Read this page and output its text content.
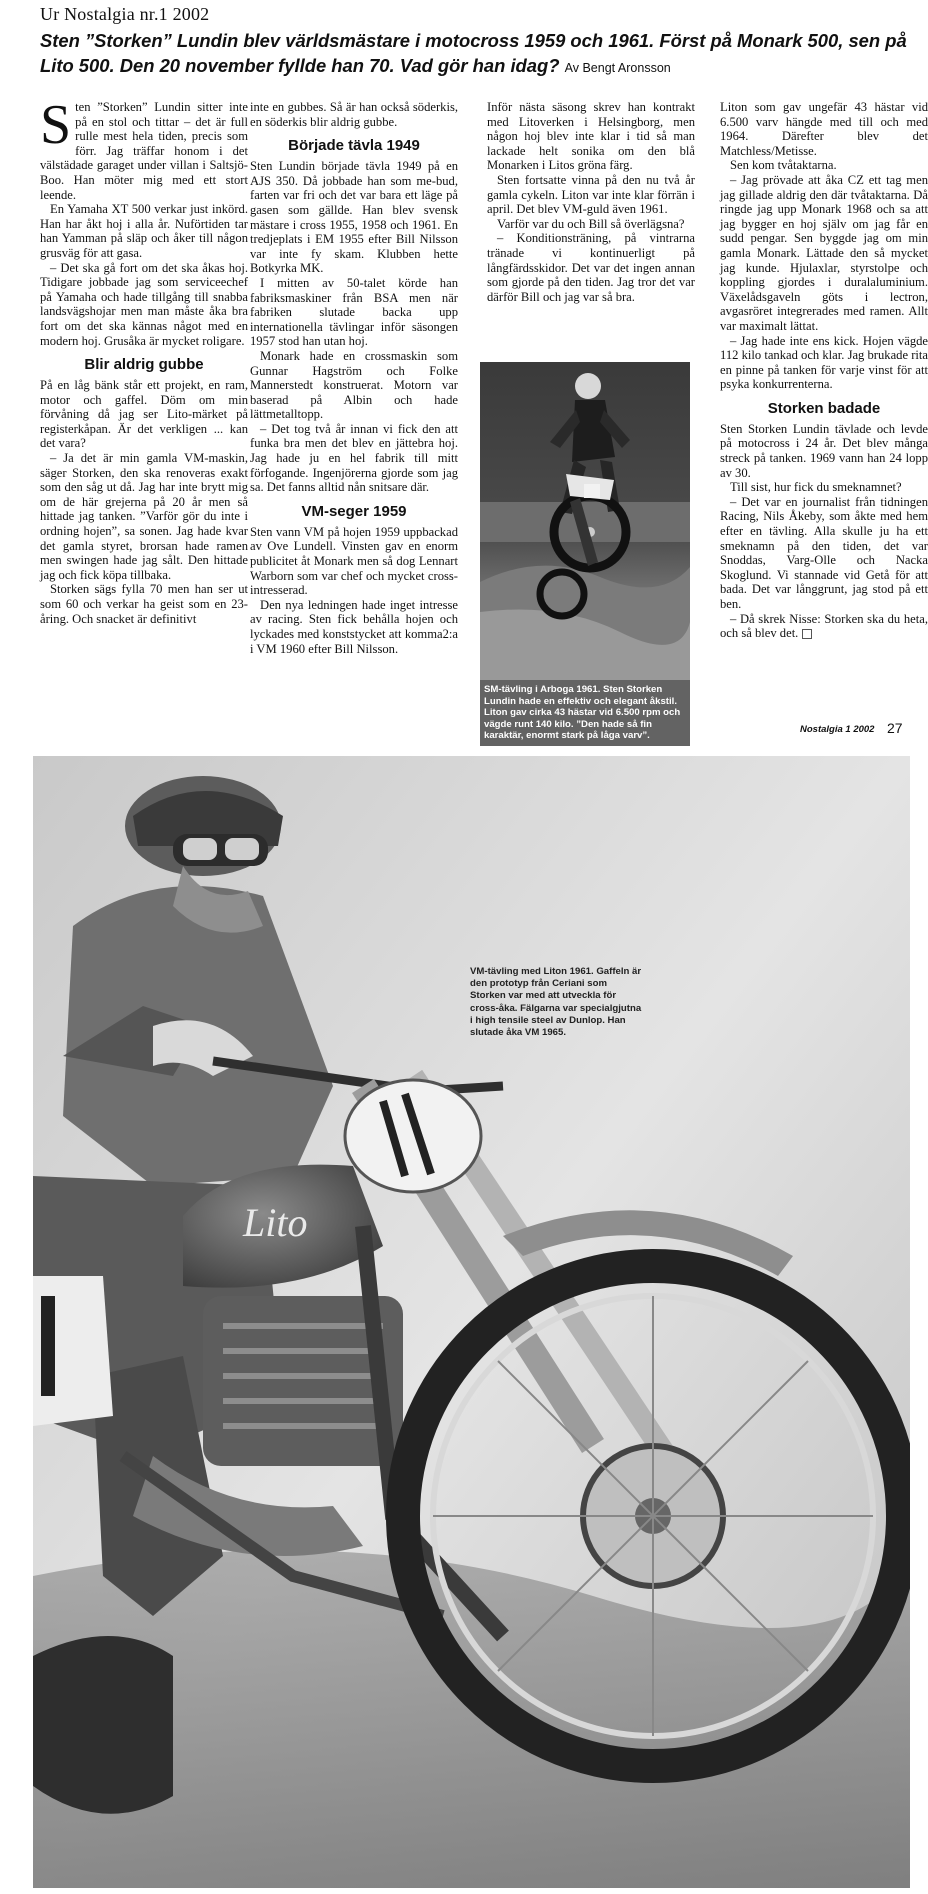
Ur Nostalgia nr.1 2002
Sten ”Storken” Lundin blev världsmästare i motocross 1959 och 1961. Först på Monark 500, sen på Lito 500. Den 20 november fyllde han 70. Vad gör han idag? Av Bengt Aronsson

Sten ”Storken” Lundin sitter inte på en stol och tittar – det är full rulle mest hela tiden, precis som förr. Jag träffar honom i det välstädade garaget under villan i Saltsjö-Boo. Han möter mig med ett stort leende.

En Yamaha XT 500 verkar just inkörd. Han har åkt hoj i alla år. Nuförtiden tar han Yamman på släp och åker till någon grusväg för att gasa.

– Det ska gå fort om det ska åkas hoj. Tidigare jobbade jag som serviceechef på Yamaha och hade tillgång till snabba landsvägshojar men man måste åka bra fort om det ska kännas något med en modern hoj. Grusåka är mycket roligare.

Blir aldrig gubbe

På en låg bänk står ett projekt, en ram, motor och gaffel. Döm om min förvåning då jag ser Lito-märket på registerkåpan. Är det verkligen ... kan det vara?

– Ja det är min gamla VM-maskin, säger Storken, den ska renoveras exakt som den såg ut då. Jag har inte brytt mig om de här grejerna på 20 år men så hittade jag tanken. ”Varför gör du inte i ordning hojen”, sa sonen. Jag hade kvar det gamla styret, brorsan hade ramen men swingen hade jag sålt. Den hittade jag och fick köpa tillbaka.

Storken sägs fylla 70 men han ser ut som 60 och verkar ha geist som en 23-åring. Och snacket är definitivt

inte en gubbes. Så är han också söderkis, en söderkis blir aldrig gubbe.

Började tävla 1949

Sten Lundin började tävla 1949 på en AJS 350. Då jobbade han som me-bud, farten var fri och det var bara ett läge på gasen som gällde. Han blev svensk mästare i cross 1955, 1958 och 1961. En tredjeplats i EM 1955 efter Bill Nilsson var inte fy skam. Klubben hette Botkyrka MK.

I mitten av 50-talet körde han fabriksmaskiner från BSA men när fabriken slutade backa upp internationella tävlingar inför säsongen 1957 stod han utan hoj.

Monark hade en crossmaskin som Gunnar Hagström och Folke Mannerstedt konstruerat. Motorn var baserad på Albin och hade lättmetalltopp.

– Det tog två år innan vi fick den att funka bra men det blev en jättebra hoj. Jag hade ju en hel fabrik till mitt förfogande. Ingenjörerna gjorde som jag sa. Det fanns alltid nån snitsare där.

VM-seger 1959

Sten vann VM på hojen 1959 uppbackad av Ove Lundell. Vinsten gav en enorm publicitet åt Monark men så dog Lennart Warborn som var chef och mycket cross-intresserad.

Den nya ledningen hade inget intresse av racing. Sten fick behålla hojen och lyckades med konststycket att komma2:a i VM 1960 efter Bill Nilsson.

Inför nästa säsong skrev han kontrakt med Litoverken i Helsingborg, men någon hoj blev inte klar i tid så man lackade helt sonika om den blå Monarken i Litos gröna färg.

Sten fortsatte vinna på den nu två år gamla cykeln. Liton var inte klar förrän i april. Det blev VM-guld även 1961.

Varför var du och Bill så överlägsna?

– Konditionsträning, på vintrarna tränade vi kontinuerligt på långfärdsskidor. Det var det ingen annan som gjorde på den tiden. Jag tror det var därför Bill och jag var så bra.

SM-tävling i Arboga 1961. Sten Storken Lundin hade en effektiv och elegant åkstil. Liton gav cirka 43 hästar vid 6.500 rpm och vägde runt 140 kilo. ”Den hade så fin karaktär, enormt stark på låga varv”.

Liton som gav ungefär 43 hästar vid 6.500 varv hängde med till och med 1964. Därefter blev det Matchless/Metisse.

Sen kom tvåtaktarna.

– Jag prövade att åka CZ ett tag men jag gillade aldrig den där tvåtaktarna. Då ringde jag upp Monark 1968 och sa att jag bygger en hoj själv om jag får en sudd pengar. Sen byggde jag om min gamla Monark. Lättade den så mycket jag kunde. Hjulaxlar, styrstolpe och koppling gjordes i duralaluminium. Växelådsgaveln göts i lectron, avgasröret integrerades med ramen. Allt var maximalt lättat.

– Jag hade inte ens kick. Hojen vägde 112 kilo tankad och klar. Jag brukade rita en pinne på tanken för varje vinst för att psyka konkurrenterna.

Storken badade

Sten Storken Lundin tävlade och levde på motocross i 24 år. Det blev många streck på tanken. 1969 vann han 24 lopp av 30.

Till sist, hur fick du smeknamnet?

– Det var en journalist från tidningen Racing, Nils Åkeby, som åkte med hem efter en tävling. Alla skulle ju ha ett smeknamn på den tiden, det var Snoddas, Varg-Olle och Nacka Skoglund. Vi stannade vid Getå för att bada. Det var långgrunt, jag stod på ett ben.

– Då skrek Nisse: Storken ska du heta, och så blev det.

Nostalgia 1 2002 27
Lito
VM-tävling med Liton 1961. Gaffeln är den prototyp från Ceriani som Storken var med att utveckla för cross-åka. Fälgarna var specialgjutna i high tensile steel av Dunlop. Han slutade åka VM 1965.
